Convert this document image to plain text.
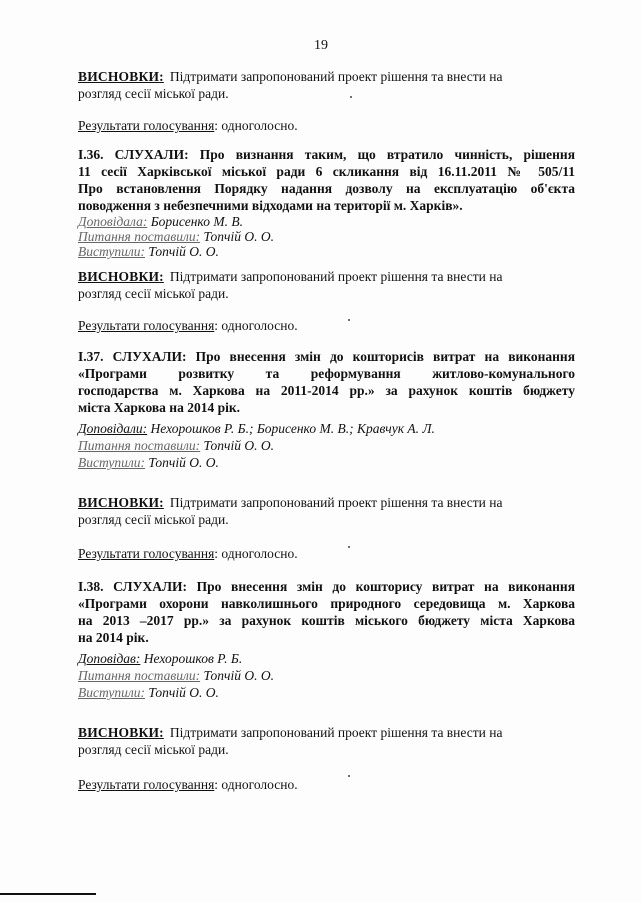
19
ВИСНОВКИ: Підтримати запропонований проект рішення та внести на
розгляд сесії міської ради.
Результати голосування: одноголосно.
І.36. СЛУХАЛИ: Про визнання таким, що втратило чинність, рішення
11 сесії Харківської міської ради 6 скликання від 16.11.2011 № 505/11
Про встановлення Порядку надання дозволу на експлуатацію об'єкта
поводження з небезпечними відходами на території м. Харків».
Доповідала: Борисенко М. В.
Питання поставили: Топчій О. О.
Виступили: Топчій О. О.
ВИСНОВКИ: Підтримати запропонований проект рішення та внести на
розгляд сесії міської ради.
Результати голосування: одноголосно.
І.37. СЛУХАЛИ: Про внесення змін до кошторисів витрат на виконання
«Програми розвитку та реформування житлово-комунального
господарства м. Харкова на 2011-2014 рр.» за рахунок коштів бюджету
міста Харкова на 2014 рік.
Доповідали: Нехорошков Р. Б.; Борисенко М. В.; Кравчук А. Л.
Питання поставили: Топчій О. О.
Виступили: Топчій О. О.
ВИСНОВКИ: Підтримати запропонований проект рішення та внести на
розгляд сесії міської ради.
Результати голосування: одноголосно.
І.38. СЛУХАЛИ: Про внесення змін до кошторису витрат на виконання
«Програми охорони навколишнього природного середовища м. Харкова
на 2013 –2017 рр.» за рахунок коштів міського бюджету міста Харкова
на 2014 рік.
Доповідав: Нехорошков Р. Б.
Питання поставили: Топчій О. О.
Виступили: Топчій О. О.
ВИСНОВКИ: Підтримати запропонований проект рішення та внести на
розгляд сесії міської ради.
Результати голосування: одноголосно.
